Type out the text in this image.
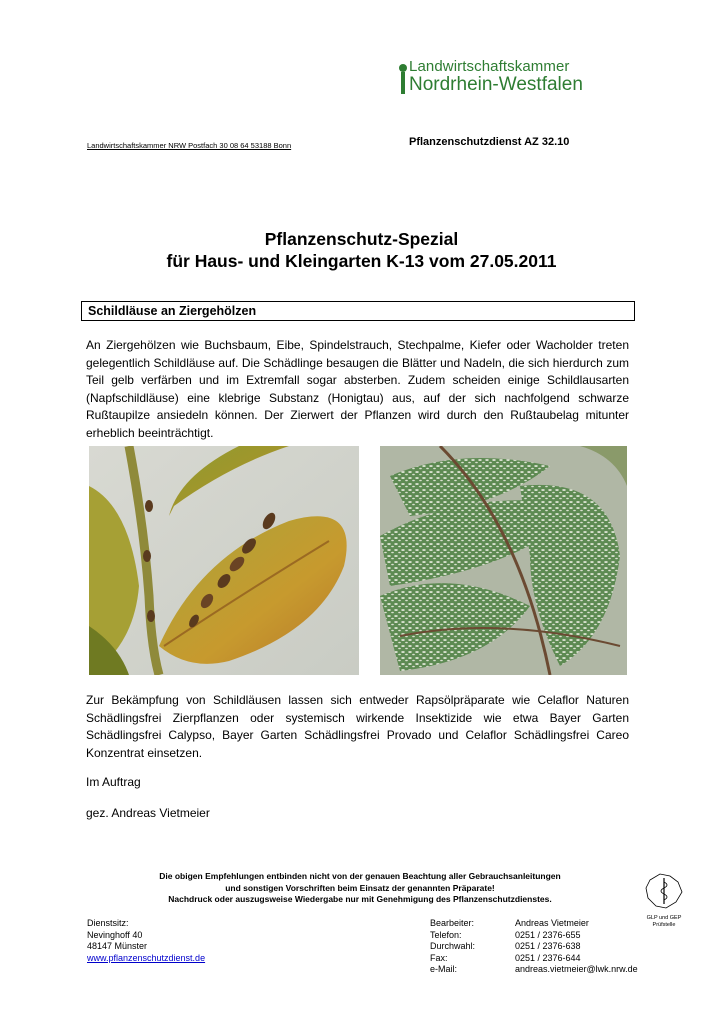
Landwirtschaftskammer
Nordrhein-Westfalen
Landwirtschaftskammer NRW Postfach 30 08 64 53188 Bonn	Pflanzenschutzdienst AZ 32.10
Pflanzenschutz-Spezial
für Haus- und Kleingarten K-13 vom 27.05.2011
Schildläuse an Ziergehölzen
An Ziergehölzen wie Buchsbaum, Eibe, Spindelstrauch, Stechpalme, Kiefer oder Wacholder treten gelegentlich Schildläuse auf. Die Schädlinge besaugen die Blätter und Nadeln, die sich hierdurch zum Teil gelb verfärben und im Extremfall sogar absterben. Zudem scheiden einige Schildlausarten (Napfschildläuse) eine klebrige Substanz (Honigtau) aus, auf der sich nachfolgend schwarze Rußtaupilze ansiedeln können. Der Zierwert der Pflanzen wird durch den Rußtaubelag mitunter erheblich beeinträchtigt.
Zur Bekämpfung von Schildläusen lassen sich entweder Rapsölpräparate wie Celaflor Naturen Schädlingsfrei Zierpflanzen oder systemisch wirkende Insektizide wie etwa Bayer Garten Schädlingsfrei Calypso, Bayer Garten Schädlingsfrei Provado und Celaflor Schädlingsfrei Careo Konzentrat einsetzen.
Im Auftrag
gez. Andreas Vietmeier
Die obigen Empfehlungen entbinden nicht von der genauen Beachtung aller Gebrauchsanleitungen
und sonstigen Vorschriften beim Einsatz der genannten Präparate!
Nachdruck oder auszugsweise Wiedergabe nur mit Genehmigung des Pflanzenschutzdienstes.
Dienstsitz:
Nevinghoff 40
48147 Münster
www.pflanzenschutzdienst.de
Bearbeiter:	Andreas Vietmeier
Telefon:	0251 / 2376-655
Durchwahl:	0251 / 2376-638
Fax:	0251 / 2376-644
e-Mail:	andreas.vietmeier@lwk.nrw.de
GLP und GEP
Prüfstelle
